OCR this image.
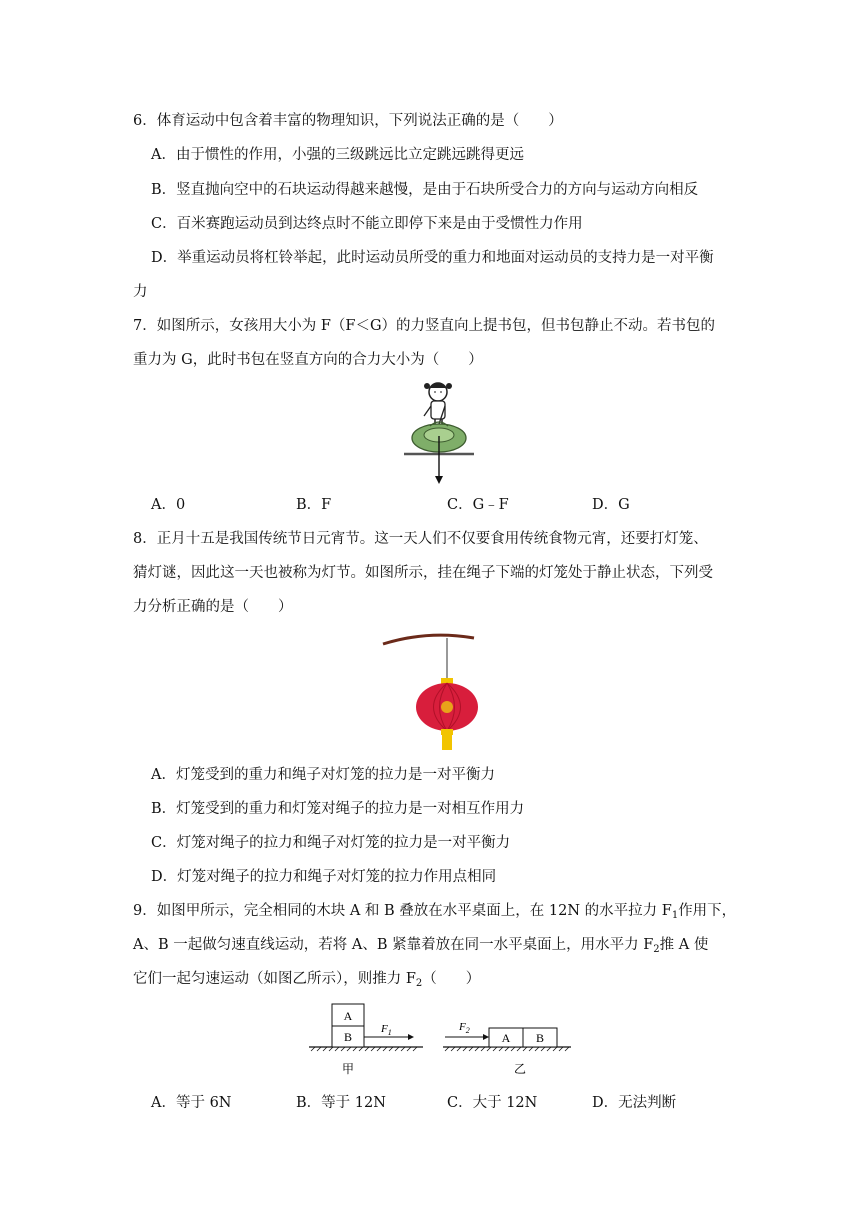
6．体育运动中包含着丰富的物理知识，下列说法正确的是（　　）
A．由于惯性的作用，小强的三级跳远比立定跳远跳得更远
B．竖直抛向空中的石块运动得越来越慢，是由于石块所受合力的方向与运动方向相反
C．百米赛跑运动员到达终点时不能立即停下来是由于受惯性力作用
D．举重运动员将杠铃举起，此时运动员所受的重力和地面对运动员的支持力是一对平衡
力
7．如图所示，女孩用大小为 F（F＜G）的力竖直向上提书包，但书包静止不动。若书包的
重力为 G，此时书包在竖直方向的合力大小为（　　）
A．0	B．F	C．G﹣F	D．G
8．正月十五是我国传统节日元宵节。这一天人们不仅要食用传统食物元宵，还要打灯笼、
猜灯谜，因此这一天也被称为灯节。如图所示，挂在绳子下端的灯笼处于静止状态，下列受
力分析正确的是（　　）
A．灯笼受到的重力和绳子对灯笼的拉力是一对平衡力
B．灯笼受到的重力和灯笼对绳子的拉力是一对相互作用力
C．灯笼对绳子的拉力和绳子对灯笼的拉力是一对平衡力
D．灯笼对绳子的拉力和绳子对灯笼的拉力作用点相同
9．如图甲所示，完全相同的木块 A 和 B 叠放在水平桌面上，在 12N 的水平拉力 $F_1$作用下，
A、B 一起做匀速直线运动，若将 A、B 紧靠着放在同一水平桌面上，用水平力 $F_2$推 A 使
它们一起匀速运动（如图乙所示），则推力 $F_2$（　　）
A
B
$F_1$
甲
A B
$F_2$
乙
A．等于 6N	B．等于 12N	C．大于 12N	D．无法判断
